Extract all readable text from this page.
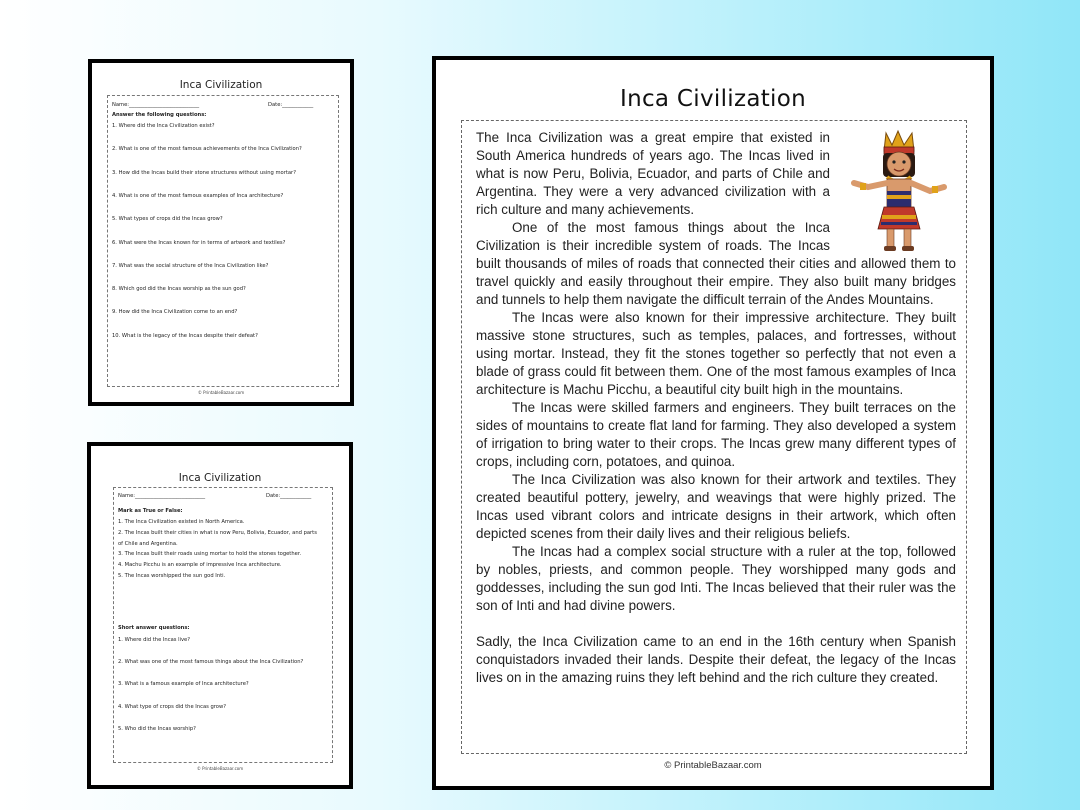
Inca Civilization
Name:___________________________	Date:____________
Answer the following questions:
1. Where did the Inca Civilization exist?
2. What is one of the most famous achievements of the Inca Civilization?
3. How did the Incas build their stone structures without using mortar?
4. What is one of the most famous examples of Inca architecture?
5. What types of crops did the Incas grow?
6. What were the Incas known for in terms of artwork and textiles?
7. What was the social structure of the Inca Civilization like?
8. Which god did the Incas worship as the sun god?
9. How did the Inca Civilization come to an end?
10. What is the legacy of the Incas despite their defeat?
© PrintableBazaar.com
Inca Civilization
Name:___________________________	Date:____________
Mark as True or False:
1. The Inca Civilization existed in North America.
2. The Incas built their cities in what is now Peru, Bolivia, Ecuador, and parts
of Chile and Argentina.
3. The Incas built their roads using mortar to hold the stones together.
4. Machu Picchu is an example of impressive Inca architecture.
5. The Incas worshipped the sun god Inti.
Short answer questions:
1. Where did the Incas live?
2. What was one of the most famous things about the Inca Civilization?
3. What is a famous example of Inca architecture?
4. What type of crops did the Incas grow?
5. Who did the Incas worship?
© PrintableBazaar.com
Inca Civilization

The Inca Civilization was a great empire that existed in South America hundreds of years ago. The Incas lived in what is now Peru, Bolivia, Ecuador, and parts of Chile and Argentina. They were a very advanced civilization with a rich culture and many achievements.

One of the most famous things about the Inca Civilization is their incredible system of roads. The Incas built thousands of miles of roads that connected their cities and allowed them to travel quickly and easily throughout their empire. They also built many bridges and tunnels to help them navigate the difficult terrain of the Andes Mountains.

The Incas were also known for their impressive architecture. They built massive stone structures, such as temples, palaces, and fortresses, without using mortar. Instead, they fit the stones together so perfectly that not even a blade of grass could fit between them. One of the most famous examples of Inca architecture is Machu Picchu, a beautiful city built high in the mountains.

The Incas were skilled farmers and engineers. They built terraces on the sides of mountains to create flat land for farming. They also developed a system of irrigation to bring water to their crops. The Incas grew many different types of crops, including corn, potatoes, and quinoa.

The Inca Civilization was also known for their artwork and textiles. They created beautiful pottery, jewelry, and weavings that were highly prized. The Incas used vibrant colors and intricate designs in their artwork, which often depicted scenes from their daily lives and their religious beliefs.

The Incas had a complex social structure with a ruler at the top, followed by nobles, priests, and common people. They worshipped many gods and goddesses, including the sun god Inti. The Incas believed that their ruler was the son of Inti and had divine powers.

Sadly, the Inca Civilization came to an end in the 16th century when Spanish conquistadors invaded their lands. Despite their defeat, the legacy of the Incas lives on in the amazing ruins they left behind and the rich culture they created.

© PrintableBazaar.com
